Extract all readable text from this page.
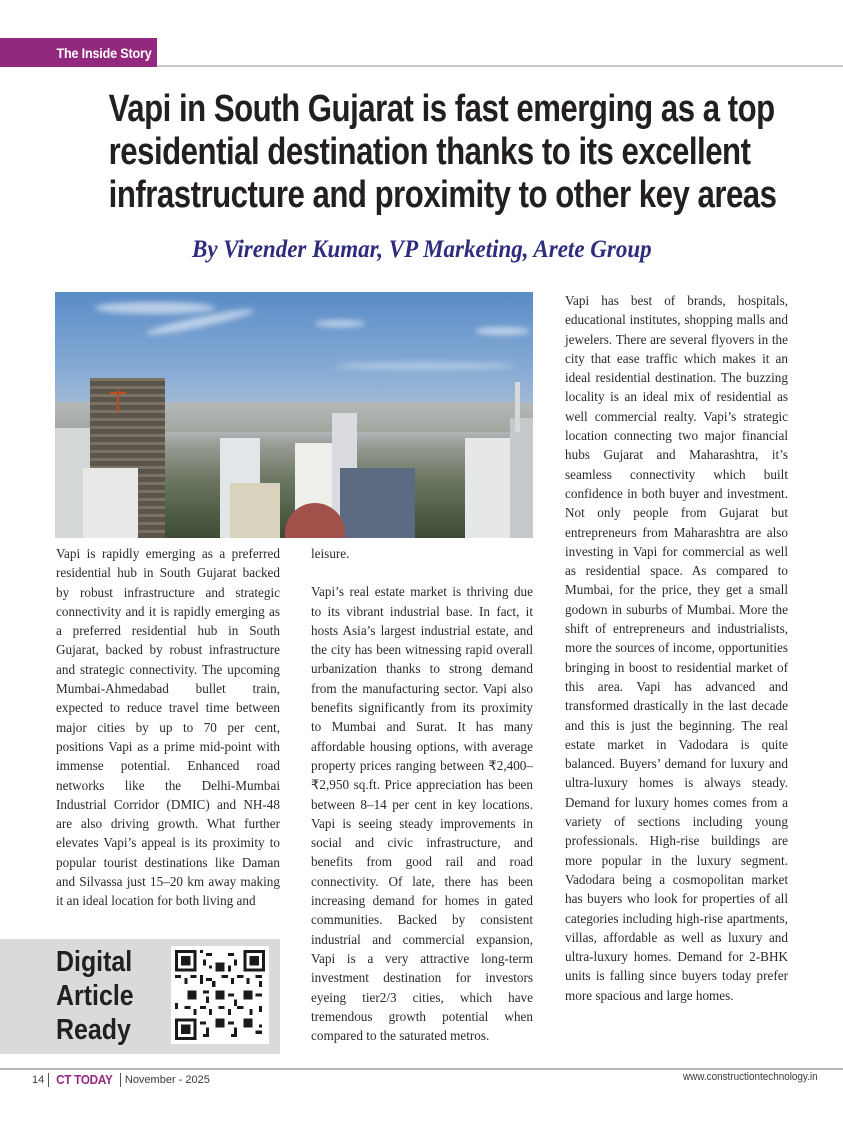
The Inside Story
Vapi in South Gujarat is fast emerging as a top
residential destination thanks to its excellent
infrastructure and proximity to other key areas
By Virender Kumar, VP Marketing, Arete Group

Vapi is rapidly emerging as a preferred residential hub in South Gujarat backed by robust infrastructure and strategic connectivity and it is rapidly emerging as a preferred residential hub in South Gujarat, backed by robust infrastructure and strategic connectivity. The upcoming Mumbai-Ahmedabad bullet train, expected to reduce travel time between major cities by up to 70 per cent, positions Vapi as a prime mid-point with immense potential. Enhanced road networks like the Delhi-Mumbai Industrial Corridor (DMIC) and NH-48 are also driving growth. What further elevates Vapi’s appeal is its proximity to popular tourist destinations like Daman and Silvassa just 15–20 km away making it an ideal location for both living and

leisure.

Vapi’s real estate market is thriving due to its vibrant industrial base. In fact, it hosts Asia’s largest industrial estate, and the city has been witnessing rapid overall urbanization thanks to strong demand from the manufacturing sector. Vapi also benefits significantly from its proximity to Mumbai and Surat. It has many affordable housing options, with average property prices ranging between ₹2,400–₹2,950 sq.ft. Price appreciation has been between 8–14 per cent in key locations. Vapi is seeing steady improvements in social and civic infrastructure, and benefits from good rail and road connectivity. Of late, there has been increasing demand for homes in gated communities. Backed by consistent industrial and commercial expansion, Vapi is a very attractive long-term investment destination for investors eyeing tier2/3 cities, which have tremendous growth potential when compared to the saturated metros.

Vapi has best of brands, hospitals, educational institutes, shopping malls and jewelers. There are several flyovers in the city that ease traffic which makes it an ideal residential destination. The buzzing locality is an ideal mix of residential as well commercial realty. Vapi’s strategic location connecting two major financial hubs Gujarat and Maharashtra, it’s seamless connectivity which built confidence in both buyer and investment. Not only people from Gujarat but entrepreneurs from Maharashtra are also investing in Vapi for commercial as well as residential space. As compared to Mumbai, for the price, they get a small godown in suburbs of Mumbai. More the shift of entrepreneurs and industrialists, more the sources of income, opportunities bringing in boost to residential market of this area. Vapi has advanced and transformed drastically in the last decade and this is just the beginning. The real estate market in Vadodara is quite balanced. Buyers’ demand for luxury and ultra-luxury homes is always steady. Demand for luxury homes comes from a variety of sections including young professionals. High-rise buildings are more popular in the luxury segment. Vadodara being a cosmopolitan market has buyers who look for properties of all categories including high-rise apartments, villas, affordable as well as luxury and ultra-luxury homes. Demand for 2-BHK units is falling since buyers today prefer more spacious and large homes.

Digital
Article
Ready
14 CT TODAY November - 2025	www.constructiontechnology.in
